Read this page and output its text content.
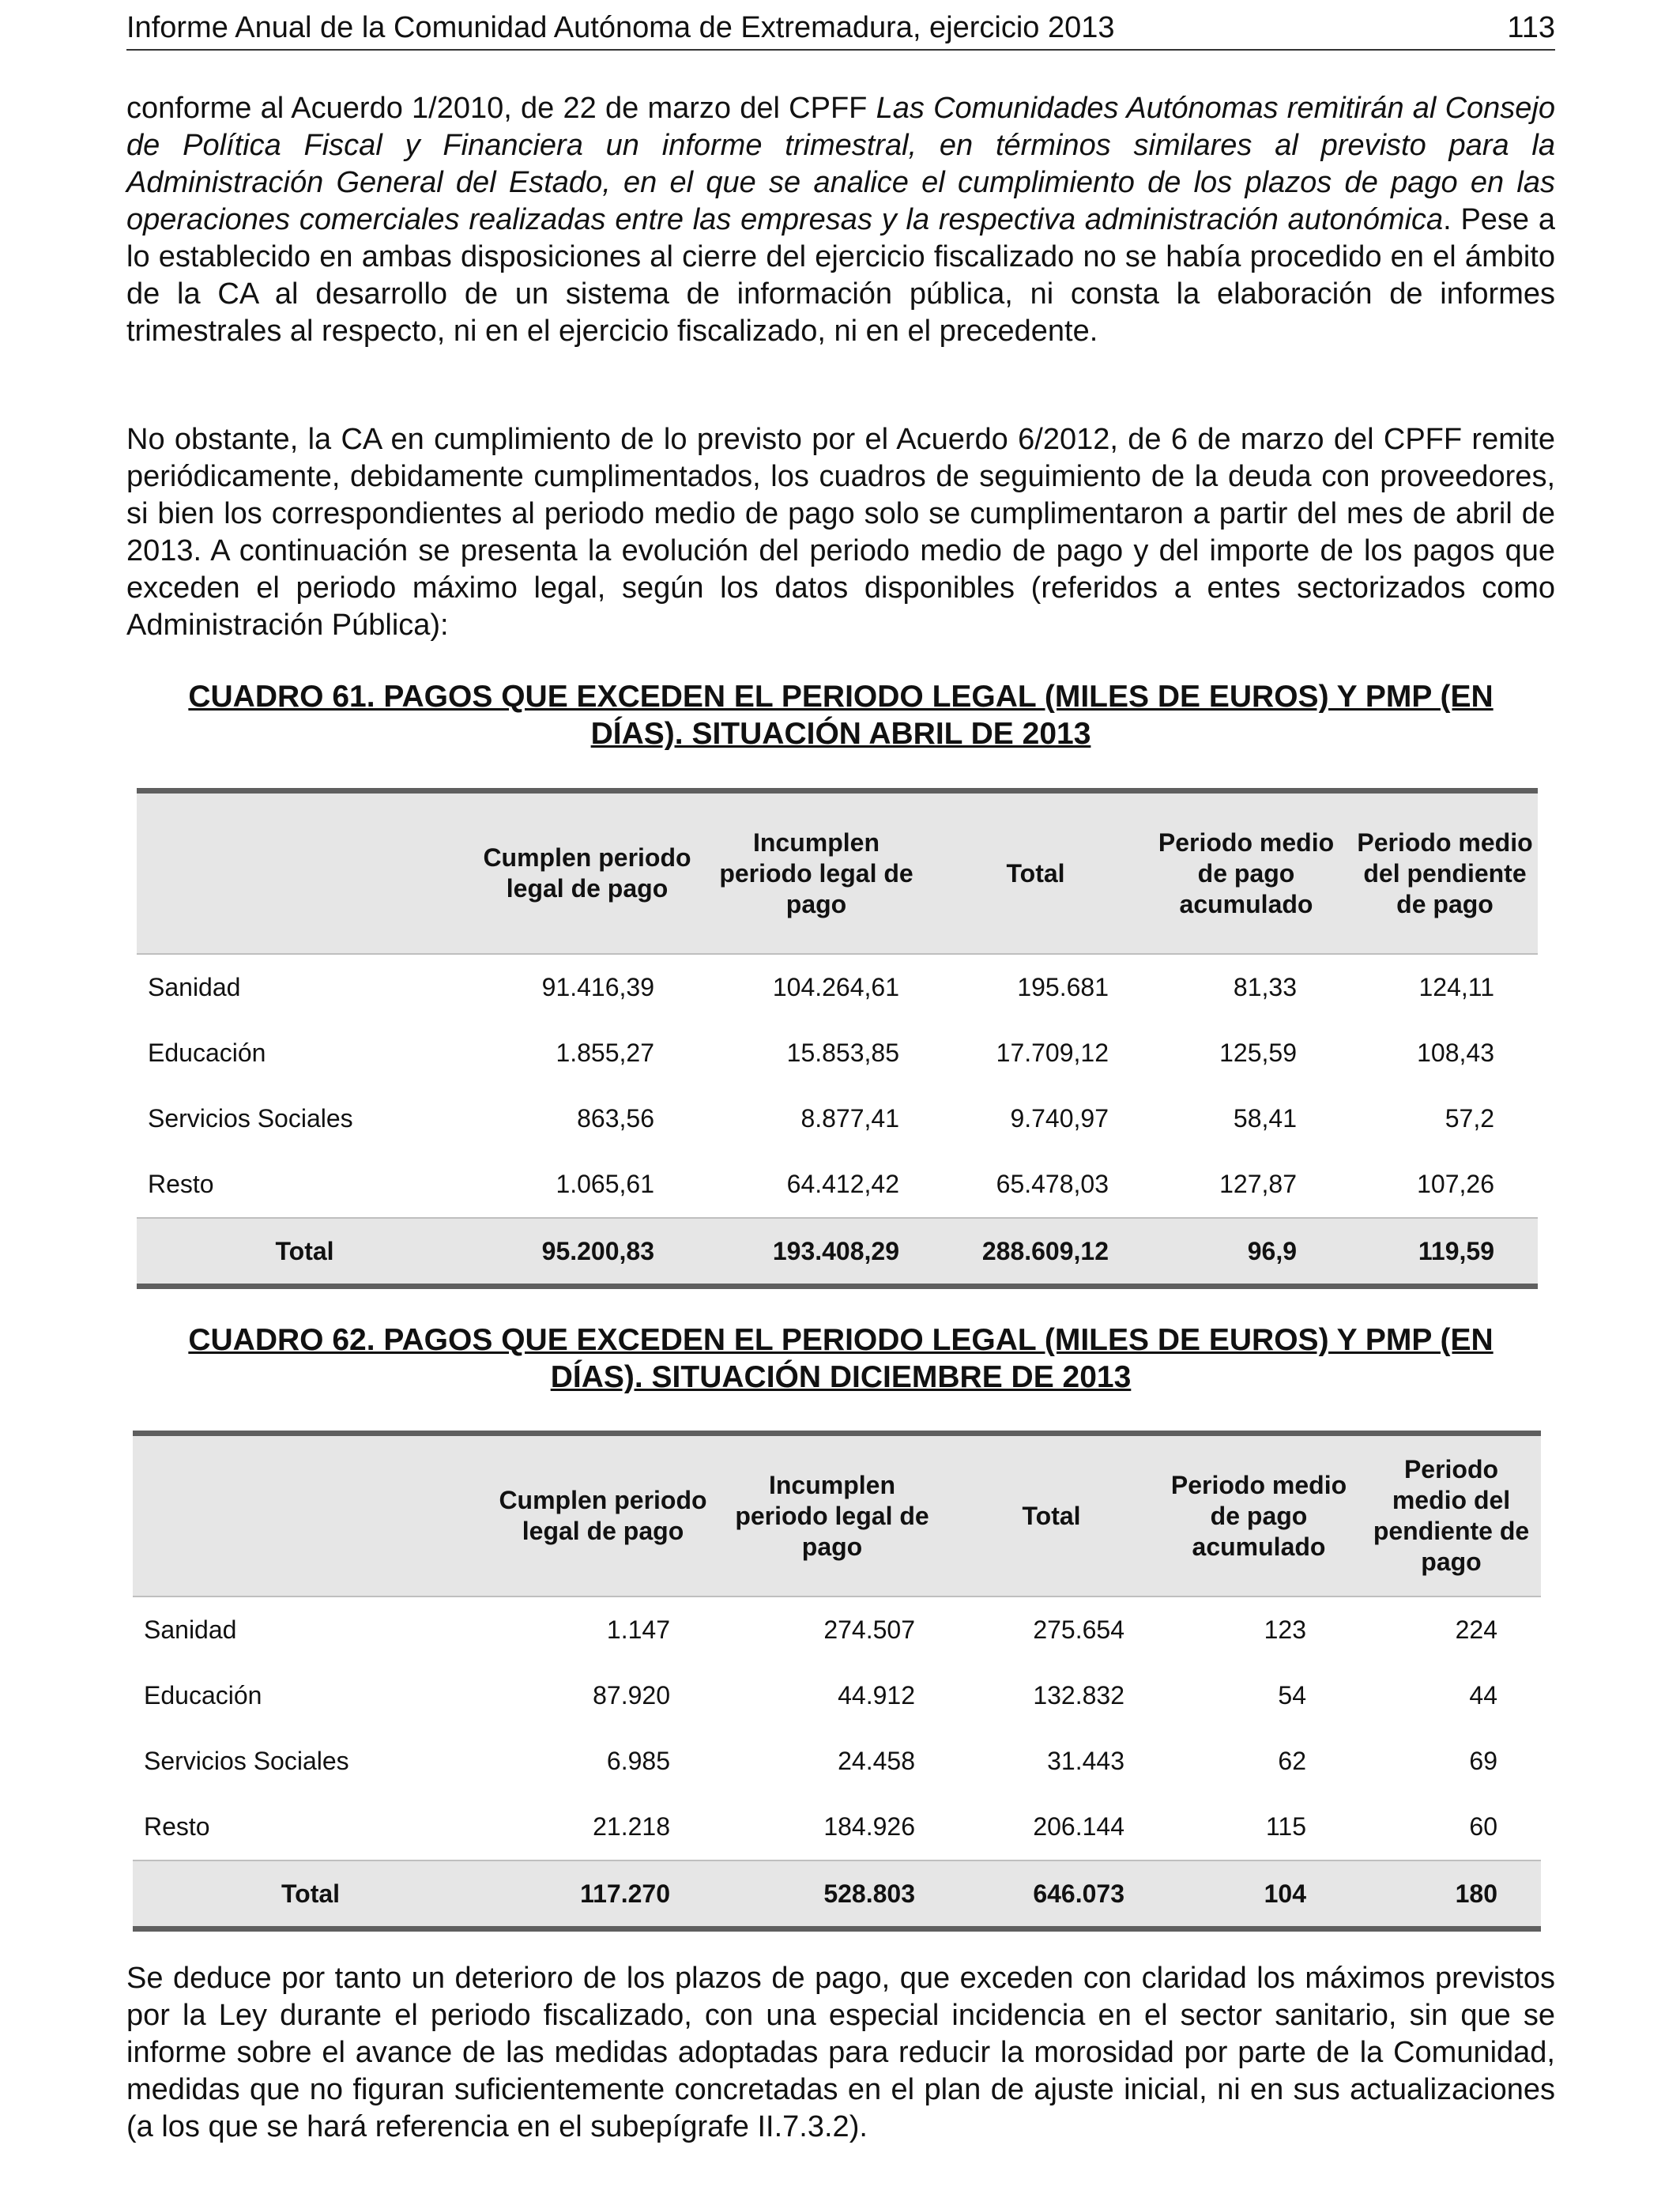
Informe Anual de la Comunidad Autónoma de Extremadura, ejercicio 2013	113

conforme al Acuerdo 1/2010, de 22 de marzo del CPFF Las Comunidades Autónomas remitirán al Consejo de Política Fiscal y Financiera un informe trimestral, en términos similares al previsto para la Administración General del Estado, en el que se analice el cumplimiento de los plazos de pago en las operaciones comerciales realizadas entre las empresas y la respectiva administración autonómica. Pese a lo establecido en ambas disposiciones al cierre del ejercicio fiscalizado no se había procedido en el ámbito de la CA al desarrollo de un sistema de información pública, ni consta la elaboración de informes trimestrales al respecto, ni en el ejercicio fiscalizado, ni en el precedente.

No obstante, la CA en cumplimiento de lo previsto por el Acuerdo 6/2012, de 6 de marzo del CPFF remite periódicamente, debidamente cumplimentados, los cuadros de seguimiento de la deuda con proveedores, si bien los correspondientes al periodo medio de pago solo se cumplimentaron a partir del mes de abril de 2013. A continuación se presenta la evolución del periodo medio de pago y del importe de los pagos que exceden el periodo máximo legal, según los datos disponibles (referidos a entes sectorizados como Administración Pública):

CUADRO 61. PAGOS QUE EXCEDEN EL PERIODO LEGAL (MILES DE EUROS) Y PMP (EN
DÍAS). SITUACIÓN ABRIL DE 2013
	Cumplen periodo legal de pago	Incumplen periodo legal de pago	Total	Periodo medio de pago acumulado	Periodo medio del pendiente de pago
Sanidad	91.416,39	104.264,61	195.681	81,33	124,11
Educación	1.855,27	15.853,85	17.709,12	125,59	108,43
Servicios Sociales	863,56	8.877,41	9.740,97	58,41	57,2
Resto	1.065,61	64.412,42	65.478,03	127,87	107,26
Total	95.200,83	193.408,29	288.609,12	96,9	119,59
CUADRO 62. PAGOS QUE EXCEDEN EL PERIODO LEGAL (MILES DE EUROS) Y PMP (EN
DÍAS). SITUACIÓN DICIEMBRE DE 2013
	Cumplen periodo legal de pago	Incumplen periodo legal de pago	Total	Periodo medio de pago acumulado	Periodo medio del pendiente de pago
Sanidad	1.147	274.507	275.654	123	224
Educación	87.920	44.912	132.832	54	44
Servicios Sociales	6.985	24.458	31.443	62	69
Resto	21.218	184.926	206.144	115	60
Total	117.270	528.803	646.073	104	180

Se deduce por tanto un deterioro de los plazos de pago, que exceden con claridad los máximos previstos por la Ley durante el periodo fiscalizado, con una especial incidencia en el sector sanitario, sin que se informe sobre el avance de las medidas adoptadas para reducir la morosidad por parte de la Comunidad, medidas que no figuran suficientemente concretadas en el plan de ajuste inicial, ni en sus actualizaciones (a los que se hará referencia en el subepígrafe II.7.3.2).
